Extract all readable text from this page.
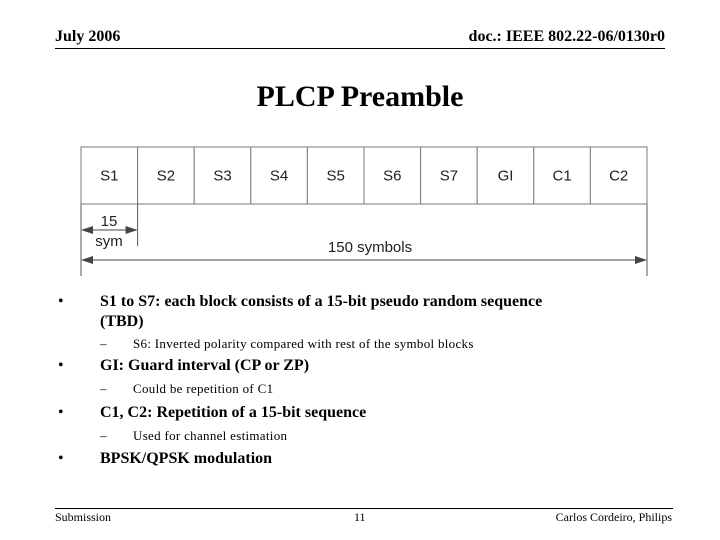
July 2006	doc.: IEEE 802.22-06/0130r0
PLCP Preamble
S1	S2	S3	S4	S5	S6	S7	GI	C1 C2
15
sym	150 symbols
• S1 to S7: each block consists of a 15-bit pseudo random sequence
(TBD)
– S6: Inverted polarity compared with rest of the symbol blocks
• GI: Guard interval (CP or ZP)
– Could be repetition of C1
• C1, C2: Repetition of a 15-bit sequence
– Used for channel estimation
• BPSK/QPSK modulation
Submission	11	Carlos Cordeiro, Philips
